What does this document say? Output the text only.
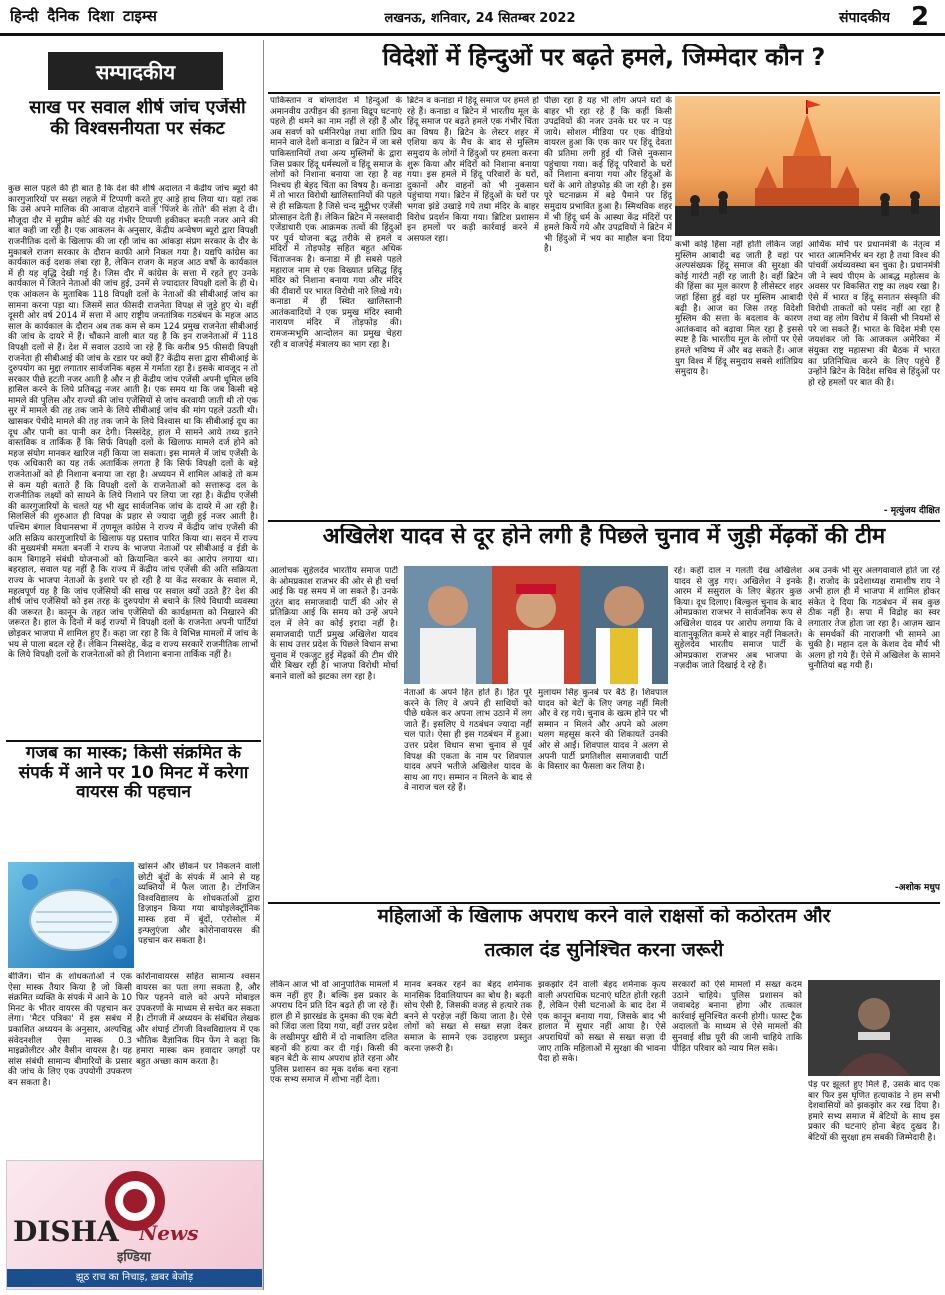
हिन्दी दैनिक दिशा टाइम्स	लखनऊ, शनिवार, 24 सितम्बर 2022	संपादकीय 2
सम्पादकीय
साख पर सवाल शीर्ष जांच एजेंसी की विश्वसनीयता पर संकट
कुछ साल पहले की ही बात है कि देश की शीर्ष अदालत ने केंद्रीय जांच ब्यूरो की कारगुजारियों पर सख्त लहजे में टिप्पणी करते हुए आड़े हाथ लिया था। यहां तक कि उसे अपने मालिक की आवाज दोहराने वाले 'पिंजरे के तोते' की संज्ञा दे दी। मौजूदा दौर में सुप्रीम कोर्ट की यह गंभीर टिप्पणी हकीकत बनती नजर आने की बात कही जा रही है। एक आकलन के अनुसार, केंद्रीय अन्वेषण ब्यूरो द्वारा विपक्षी राजनीतिक दलों के खिलाफ की जा रही जांच का आंकड़ा संप्रग सरकार के दौर के मुकाबले राजग सरकार के दौरान काफी आगे निकल गया है। यद्यपि कांग्रेस का कार्यकाल कई दशक लंबा रहा है, लेकिन राजग के महज आठ वर्षों के कार्यकाल में ही यह वृद्धि देखी गई है। जिस दौर में कांग्रेस के सत्ता में रहते हुए उनके कार्यकाल में जितने नेताओं की जांच हुई, उनमें से ज्यादातर विपक्षी दलों के ही थे। एक आंकलन के मुताबिक 118 विपक्षी दलों के नेताओं की सीबीआई जांच का सामना करना पड़ा था। जिसमें सात फीसदी राजनेता विपक्ष से जुड़े हुए थे। वहीं दूसरी ओर वर्ष 2014 में सत्ता में आए राष्ट्रीय जनतांत्रिक गठबंधन के महज आठ साल के कार्यकाल के दौरान अब तक कम से कम 124 प्रमुख राजनेता सीबीआई की जांच के दायरे में हैं। चौंकाने वाली बात यह है कि इन राजनेताओं में 118 विपक्षी दलों से हैं। देश में सवाल उठाये जा रहे हैं कि करीब 95 फीसदी विपक्षी राजनेता ही सीबीआई की जांच के रडार पर क्यों हैं? केंद्रीय सत्ता द्वारा सीबीआई के दुरुपयोग का मुद्दा लगातार सार्वजनिक बहस में गर्माता रहा है। इसके बावजूद न तो सरकार पीछे हटती नजर आती है और न ही केंद्रीय जांच एजेंसी अपनी धूमिल छवि हासिल करने के लिये प्रतिबद्ध नजर आती है। एक समय था कि जब किसी बड़े मामले की पुलिस और राज्यों की जांच एजेंसियों से जांच करवायी जाती थी तो एक सुर में मामले की तह तक जाने के लिये सीबीआई जांच की मांग पहले उठती थी। खासकर पेचीदे मामले की तह तक जाने के लिये विश्वास था कि सीबीआई दूध का दूध और पानी का पानी कर देगी। निस्संदेह, हाल में सामने आये तथ्य इतने वास्तविक व तार्किक हैं कि सिर्फ विपक्षी दलों के खिलाफ मामले दर्ज होने को महज संयोग मानकर खारिज नहीं किया जा सकता। इस मामले में जांच एजेंसी के एक अधिकारी का यह तर्क अतार्किक लगता है कि सिर्फ विपक्षी दलों के बड़े राजनेताओं को ही निशाना बनाया जा रहा है। अध्ययन में शामिल आंकड़े तो कम से कम यही बताते हैं कि विपक्षी दलों के राजनेताओं को सत्तारूढ़ दल के राजनीतिक लक्ष्यों को साधने के लिये निशाने पर लिया जा रहा है। केंद्रीय एजेंसी की कारगुजारियों के चलते यह भी खुद सार्वजनिक जांच के दायरे में आ रही है। सिलसिले की शुरुआत ही विपक्ष के प्रहार से ज्यादा जुड़ी हुई नजर आती है। पश्चिम बंगाल विधानसभा में तृणमूल कांग्रेस ने राज्य में केंद्रीय जांच एजेंसी की अति सक्रिय कारगुजारियों के खिलाफ यह प्रस्ताव पारित किया था। सदन में राज्य की मुख्यमंत्री ममता बनर्जी ने राज्य के भाजपा नेताओं पर सीबीआई व ईडी के काम बिगाड़ने संबंधी योजनाओं को क्रियान्वित करने का आरोप लगाया था। बहरहाल, सवाल यह नहीं है कि राज्य में केंद्रीय जांच एजेंसी की अति सक्रियता राज्य के भाजपा नेताओं के इशारे पर हो रही है या केंद्र सरकार के सवाल में, महत्वपूर्ण यह है कि जांच एजेंसियों की साख पर सवाल क्यों उठते हैं? देश की शीर्ष जांच एजेंसियों को इस तरह के दुरुपयोग से बचाने के लिये विधायी व्यवस्था की जरूरत है। कानून के तहत जांच एजेंसियों की कार्यक्षमता को निखारने की जरूरत है। हाल के दिनों में कई राज्यों में विपक्षी दलों के राजनेता अपनी पार्टियां छोड़कर भाजपा में शामिल हुए हैं। कहा जा रहा है कि वे विभिन्न मामलों में जांच के भय से पाला बदल रहे हैं। लेकिन निस्संदेह, केंद्र व राज्य सरकारें राजनीतिक लाभों के लिये विपक्षी दलों के राजनेताओं को ही निशाना बनाना तार्किक नहीं है।
विदेशों में हिन्दुओं पर बढ़ते हमले, जिम्मेदार कौन ?
पाकिस्तान व बांग्लादेश में हिन्दुओं के अमानवीय उत्पीड़न की इतना विद्रूप घटनाएं पहले ही थमने का नाम नहीं ले रही हैं और अब सवर्ण को धर्मनिरपेक्ष तथा शांति प्रिय मानने वाले देशों कनाडा व ब्रिटेन में जा बसे पाकिस्तानियों तथा अन्य मुस्लिमों के द्वारा जिस प्रकार हिंदू धर्मस्थलों व हिंदू समाज के लोगों को निशाना बनाया जा रहा है वह निश्चय ही बेहद चिंता का विषय है। कनाडा में तो भारत विरोधी खालिस्तानियों की पहले से ही सक्रियता है जिसे चन्द मुट्ठीभर एजेंसी प्रोत्साहन देती हैं। लेकिन ब्रिटेन में नस्लवादी एजेंडाधारी एक आक्रमक तत्वों की हिंदुओं पर पूर्व योजना बद्ध तरीके से हमले व मंदिरों में तोड़फोड़ सहित बहुत अधिक चिंताजनक है। कनाडा में ही सबसे पहले महाराज नाम से एक विख्यात प्रसिद्ध हिंदू मंदिर को निशाना बनाया गया और मंदिर की दीवारों पर भारत विरोधी नारे लिखे गये। कनाडा में ही स्थित खालिस्तानी आतंकवादियों ने एक प्रमुख मंदिर स्वामी नारायण मंदिर में तोड़फोड़ की। रामजन्मभूमि आन्दोलन का प्रमुख चेहरा रही व वाजपेई मंत्रालय का भाग रहा है।
ब्रिटेन व कनाडा में हिंदू समाज पर हमले हो रहे हैं। कनाडा व ब्रिटेन में भारतीय मूल के हिंदू समाज पर बढ़ते हमले एक गंभीर चिंता का विषय हैं। ब्रिटेन के लेस्टर शहर में एशिया कप के मैच के बाद से मुस्लिम समुदाय के लोगों ने हिंदुओं पर हमला करना शुरू किया और मंदिरों को निशाना बनाया गया। इस हमले में हिंदू परिवारों के घरों, दुकानों और वाहनों को भी नुकसान पहुंचाया गया। ब्रिटेन में हिंदुओं के घरों पर भगवा झंडे उखाड़े गये तथा मंदिर के बाहर विरोध प्रदर्शन किया गया। ब्रिटिश प्रशासन इन हमलों पर कड़ी कार्रवाई करने में असफल रहा।
पीछा रहा है यह भी लोग अपने घरों के बाहर भी रहा रहे हैं कि कहीं किसी उपद्रवियों की नजर उनके घर पर न पड़ जाये। सोशल मीडिया पर एक वीडियो वायरल हुआ कि एक कार पर हिंदू देवता की प्रतिमा लगी हुई थी जिसे नुकसान पहुंचाया गया। कई हिंदू परिवारों के घरों को निशाना बनाया गया और हिंदुओं के घरों के आगे तोड़फोड़ की जा रही है। इस पूरे घटनाक्रम में बड़े पैमाने पर हिंदू समुदाय प्रभावित हुआ है। स्मिथविक शहर में भी हिंदू धर्म के आस्था केंद्र मंदिरों पर हमले किये गये और उपद्रवियों ने ब्रिटेन में भी हिंदुओं में भय का माहौल बना दिया है।	कभी कोई हिंसा नहीं होती लेकिन जहां मुस्लिम आबादी बढ़ जाती है वहां पर अल्पसंख्यक हिंदू समाज की सुरक्षा की कोई गारंटी नहीं रह जाती है। वहीं ब्रिटेन की हिंसा का मूल कारण है लीसेस्टर शहर जहां हिंसा हुई वहां पर मुस्लिम आबादी बढ़ी है। आज का जिस तरह विदेशी मुस्लिम की सत्ता के बदलाव के कारण आतंकवाद को बढ़ावा मिल रहा है इससे स्पष्ट है कि भारतीय मूल के लोगों पर ऐसे हमले भविष्य में और बढ़ सकते हैं। आज युग विश्व में हिंदू समुदाय सबसे शांतिप्रिय समुदाय है।
आर्थिक मोर्चे पर प्रधानमंत्री के नेतृत्व में भारत आत्मनिर्भर बन रहा है तथा विश्व की पांचवीं अर्थव्यवस्था बन चुका है। प्रधानमंत्री जी ने स्वयं पीएम के आबद्ध महोत्सव के अवसर पर विकसित राष्ट्र का लक्ष्य रखा है। ऐसे में भारत व हिंदू सनातन संस्कृति की विरोधी ताकतों को पसंद नहीं आ रहा है तथा वह लोग विरोध में किसी भी नियमों से परे जा सकते हैं। भारत के विदेश मंत्री एस जयशंकर जो कि आजकल अमेरिका में संयुक्त राष्ट्र महासभा की बैठक में भारत का प्रतिनिधित्व करने के लिए पहुंचे हैं उन्होंने ब्रिटेन के विदेश सचिव से हिंदुओं पर हो रहे हमलों पर बात की है।
- मृत्युंजय दीक्षित
अखिलेश यादव से दूर होने लगी है पिछले चुनाव में जुड़ी मेंढ़कों की टीम
आलोचक सुहेलदेव भारतीय समाज पार्टी के ओमप्रकाश राजभर की ओर से ही चर्चा आई कि यह समय में जा सकते हैं। उनके तुरंत बाद समाजवादी पार्टी की ओर से प्रतिक्रिया आई कि समय को उन्हें अपने दल में लेने का कोई इरादा नहीं है। समाजवादी पार्टी प्रमुख अखिलेश यादव के साथ उत्तर प्रदेश के पिछले विधान सभा चुनाव में एकजुट हुई मेंढ़कों की टीम धीरे धीरे बिखर रही है। भाजपा विरोधी मोर्चा बनाने वालों को झटका लग रहा है।
नेताओं के अपने हित होते हैं। हित पूरे करने के लिए वे अपने ही साथियों को पीछे धकेल कर अपना लाभ उठाने में लग जाते हैं। इसलिए ये गठबंधन ज्यादा नहीं चल पाते। ऐसा ही इस गठबंधन में हुआ। उत्तर प्रदेश विधान सभा चुनाव से पूर्व विपक्ष की एकता के नाम पर शिवपाल यादव अपने भतीजे अखिलेश यादव के साथ आ गए। सम्मान न मिलने के बाद से वे नाराज चल रहे हैं।
मुलायम सिंह कुनबे पर बैठे हैं। शिवपाल यादव को बेटों के लिए जगह नहीं मिली और वे रह गये। चुनाव के खत्म होने पर भी सम्मान न मिलने और अपने को अलग थलग महसूस करने की शिकायतें उनकी ओर से आईं। शिवपाल यादव ने अलग से अपनी पार्टी प्रगतिशील समाजवादी पार्टी के विस्तार का फैसला कर लिया है।
रहे। कहीं दाल न गलती देख अखिलेश यादव से जुड़ गए। अखिलेश ने इनके आरम में ससुराल के लिए बेहतर कुछ किया। दूध दिलाए। बिल्कुल चुनाव के बाद ओमप्रकाश राजभर ने सार्वजनिक रूप से अखिलेश यादव पर आरोप लगाया कि वे वातानुकूलित कमरे से बाहर नहीं निकलते। सुहेलदेव भारतीय समाज पार्टी के ओमप्रकाश राजभर अब भाजपा के नज़दीक जाते दिखाई दे रहे हैं।
अब उनके भी सुर अलगवावाले होते जा रहे हैं। राजोद के प्रदेशाध्यक्ष रामाशीष राय ने अभी हाल ही में भाजपा में शामिल होकर संकेत दे दिया कि गठबंधन में सब कुछ ठीक नहीं है। सपा में विद्रोह का स्वर लगातार तेज होता जा रहा है। आज़म खान के समर्थकों की नाराजगी भी सामने आ चुकी है। महान दल के केशव देव मौर्य भी अलग हो गये हैं। ऐसे में अखिलेश के सामने चुनौतियां बढ़ गयी हैं।
-अशोक मधुप
गजब का मास्क; किसी संक्रमित के संपर्क में आने पर 10 मिनट में करेगा वायरस की पहचान
खांसने और छींकने पर निकलने वाली छोटी बूंदों के संपर्क में आने से यह व्यक्तियों में फैल जाता है। टोंगजिन विश्वविद्यालय के शोधकर्ताओं द्वारा डिज़ाइन किया गया बायोइलेक्ट्रॉनिक मास्क हवा में बूंदों, एरोसोल में इन्फ्लुएंजा और कोरोनावायरस की पहचान कर सकता है।
बीजिंग। चीन के शोधकर्ताओं ने एक ऐसा मास्क तैयार किया है जो किसी संक्रमित व्यक्ति के संपर्क में आने के 10 मिनट के भीतर वायरस की पहचान कर लेगा। 'मैटर पत्रिका' में इस सबंध में प्रकाशित अध्ययन के अनुसार, अल्पचिह्न संवेदनशील ऐसा मास्क 0.3 माइक्रोलीटर और वैसीन वायरस है। यह सांस संबंधी सामान्य बीमारियों के प्रसार की जांच के लिए एक उपयोगी उपकरण बन सकता है।
कोरोनावायरस सहित सामान्य श्वसन वायरस का पता लगा सकता है, और फिर पहनने वाले को अपने मोबाइल उपकरणों के माध्यम से सचेत कर सकता है। टोंगजी में अध्ययन के संबंधित लेखक और शंघाई टोंगजी विश्वविद्यालय में एक भौतिक वैज्ञानिक यिन फेंग ने कहा कि हमारा मास्क कम हवादार जगहों पर बहुत अच्छा काम करता है।
DISHA	News
इण्डिया
झूठ राच का निचाड़, ख़बर बेजोड़
महिलाओं के खिलाफ अपराध करने वाले राक्षसों को कठोरतम और
तत्काल दंड सुनिश्चित करना जरूरी
लेकिन आज भी वो आनुपातिक मामलों में कम नहीं हुए हैं। बल्कि इस प्रकार के अपराध दिन प्रति दिन बढ़ते ही जा रहे हैं। हाल ही में झारखंड के दुमका की एक बेटी को जिंदा जला दिया गया, वहीं उत्तर प्रदेश के लखीमपुर खीरी में दो नाबालिग दलित बहनों की हत्या कर दी गई। किसी की बहन बेटी के साथ अपराध होते रहना और पुलिस प्रशासन का मूक दर्शक बना रहना एक सभ्य समाज में शोभा नहीं देता।
मानव बनकर रहने का बेहद शर्मनाक मानसिक दिवालियापन का बोध है। बढ़ती सोच ऐसी है, जिसकी वजह से हत्यारे तक बनने से परहेज़ नहीं किया जाता है। ऐसे लोगों को सख्त से सख्त सज़ा देकर समाज के सामने एक उदाहरण प्रस्तुत करना ज़रूरी है।
झकझोर देने वाली बेहद शर्मनाक कृत्य वाली अपराधिक घटनाएं घटित होती रहती हैं, लेकिन ऐसी घटनाओं के बाद देश में एक कानून बनाया गया, जिसके बाद भी हालात में सुधार नहीं आया है। ऐसे अपराधियों को सख्त से सख्त सज़ा दी जाए ताकि महिलाओं में सुरक्षा की भावना पैदा हो सके।
सरकारों को ऐसे मामलों में सख्त कदम उठाने चाहिये। पुलिस प्रशासन को जवाबदेह बनाना होगा और तत्काल कार्रवाई सुनिश्चित करनी होगी। फास्ट ट्रैक अदालतों के माध्यम से ऐसे मामलों की सुनवाई शीघ्र पूरी की जानी चाहिये ताकि पीड़ित परिवार को न्याय मिल सके।
पेड़ पर झूलते हुए मिले हैं, उसके बाद एक बार फिर इस घृणित हत्याकांड ने हम सभी देशवासियों को झकझोर कर रख दिया है। हमारे सभ्य समाज में बेटियों के साथ इस प्रकार की घटनाएं होना बेहद दुखद है। बेटियों की सुरक्षा हम सबकी जिम्मेदारी है।
